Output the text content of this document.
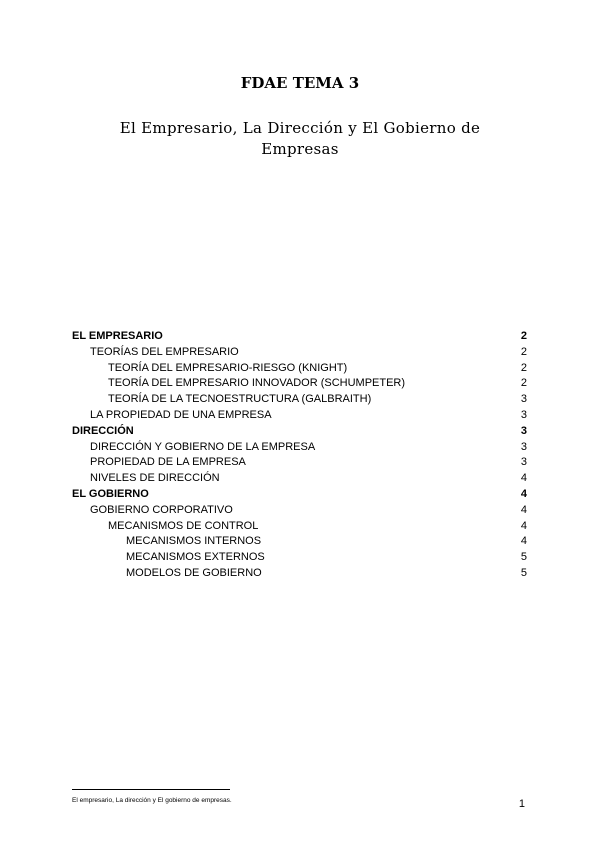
FDAE TEMA 3
El Empresario, La Dirección y El Gobierno de Empresas
EL EMPRESARIO	2
TEORÍAS DEL EMPRESARIO	2
TEORÍA DEL EMPRESARIO-RIESGO (KNIGHT)	2
TEORÍA DEL EMPRESARIO INNOVADOR (SCHUMPETER)	2
TEORÍA DE LA TECNOESTRUCTURA (GALBRAITH)	3
LA PROPIEDAD DE UNA EMPRESA	3
DIRECCIÓN	3
DIRECCIÓN Y GOBIERNO DE LA EMPRESA	3
PROPIEDAD DE LA EMPRESA	3
NIVELES DE DIRECCIÓN	4
EL GOBIERNO	4
GOBIERNO CORPORATIVO	4
MECANISMOS DE CONTROL	4
MECANISMOS INTERNOS	4
MECANISMOS EXTERNOS	5
MODELOS DE GOBIERNO	5
El empresario, La dirección y El gobierno de empresas.	1
